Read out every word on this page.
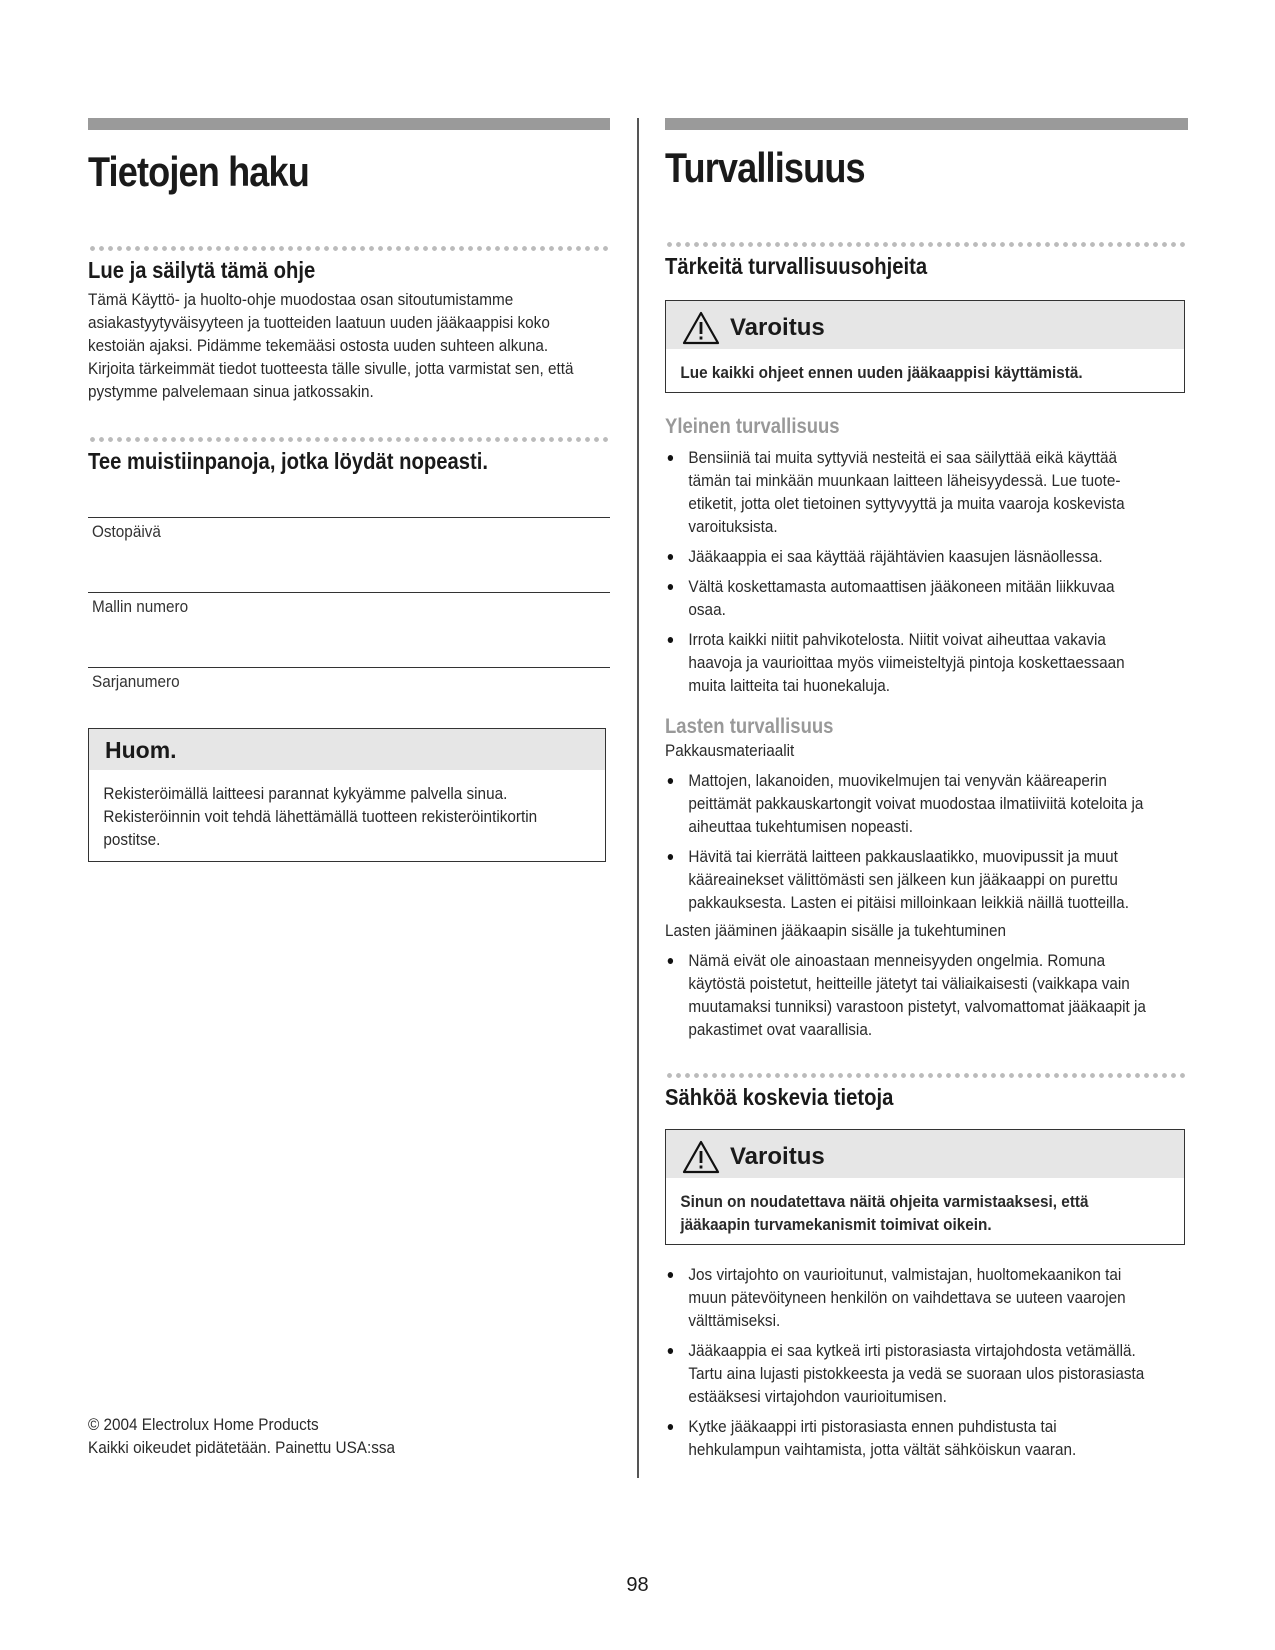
Tietojen haku
Lue ja säilytä tämä ohje
Tämä Käyttö- ja huolto-ohje muodostaa osan sitoutumistamme
asiakastyytyväisyyteen ja tuotteiden laatuun uuden jääkaappisi koko
kestoiän ajaksi. Pidämme tekemääsi ostosta uuden suhteen alkuna.
Kirjoita tärkeimmät tiedot tuotteesta tälle sivulle, jotta varmistat sen, että
pystymme palvelemaan sinua jatkossakin.
Tee muistiinpanoja, jotka löydät nopeasti.
Ostopäivä
Mallin numero
Sarjanumero
Huom.
Rekisteröimällä laitteesi parannat kykyämme palvella sinua.
Rekisteröinnin voit tehdä lähettämällä tuotteen rekisteröintikortin
postitse.
© 2004 Electrolux Home Products
Kaikki oikeudet pidätetään. Painettu USA:ssa
Turvallisuus
Tärkeitä turvallisuusohjeita
Varoitus
Lue kaikki ohjeet ennen uuden jääkaappisi käyttämistä.
Yleinen turvallisuus
Bensiiniä tai muita syttyviä nesteitä ei saa säilyttää eikä käyttää
tämän tai minkään muunkaan laitteen läheisyydessä. Lue tuote-
etiketit, jotta olet tietoinen syttyvyyttä ja muita vaaroja koskevista
varoituksista.
Jääkaappia ei saa käyttää räjähtävien kaasujen läsnäollessa.
Vältä koskettamasta automaattisen jääkoneen mitään liikkuvaa
osaa.
Irrota kaikki niitit pahvikotelosta. Niitit voivat aiheuttaa vakavia
haavoja ja vaurioittaa myös viimeisteltyjä pintoja koskettaessaan
muita laitteita tai huonekaluja.
Lasten turvallisuus
Pakkausmateriaalit
Mattojen, lakanoiden, muovikelmujen tai venyvän kääreaperin
peittämät pakkauskartongit voivat muodostaa ilmatiiviitä koteloita ja
aiheuttaa tukehtumisen nopeasti.
Hävitä tai kierrätä laitteen pakkauslaatikko, muovipussit ja muut
kääreainekset välittömästi sen jälkeen kun jääkaappi on purettu
pakkauksesta. Lasten ei pitäisi milloinkaan leikkiä näillä tuotteilla.
Lasten jääminen jääkaapin sisälle ja tukehtuminen
Nämä eivät ole ainoastaan menneisyyden ongelmia. Romuna
käytöstä poistetut, heitteille jätetyt tai väliaikaisesti (vaikkapa vain
muutamaksi tunniksi) varastoon pistetyt, valvomattomat jääkaapit ja
pakastimet ovat vaarallisia.
Sähköä koskevia tietoja
Varoitus
Sinun on noudatettava näitä ohjeita varmistaaksesi, että
jääkaapin turvamekanismit toimivat oikein.
Jos virtajohto on vaurioitunut, valmistajan, huoltomekaanikon tai
muun pätevöityneen henkilön on vaihdettava se uuteen vaarojen
välttämiseksi.
Jääkaappia ei saa kytkeä irti pistorasiasta virtajohdosta vetämällä.
Tartu aina lujasti pistokkeesta ja vedä se suoraan ulos pistorasiasta
estääksesi virtajohdon vaurioitumisen.
Kytke jääkaappi irti pistorasiasta ennen puhdistusta tai
hehkulampun vaihtamista, jotta vältät sähköiskun vaaran.
98
